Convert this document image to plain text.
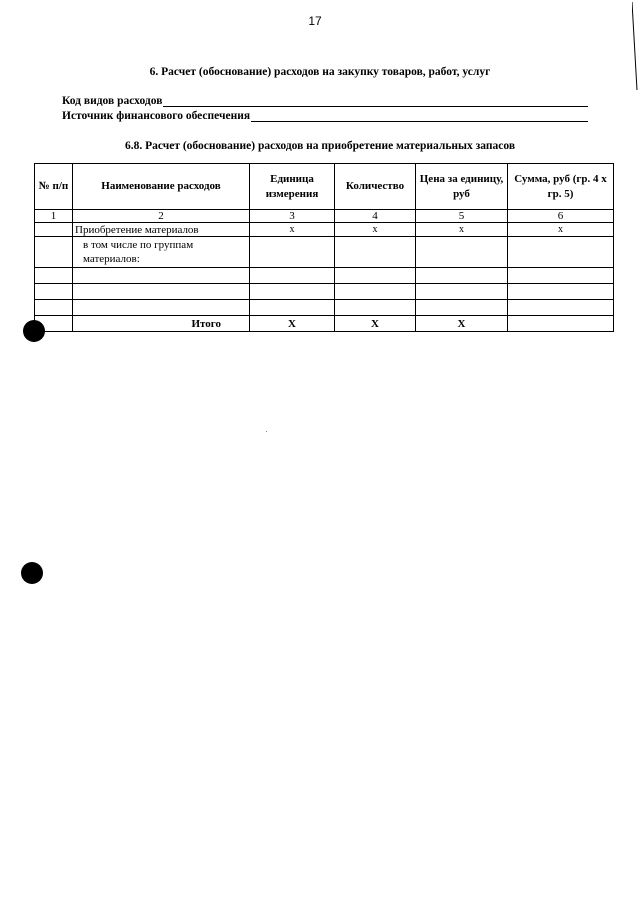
17
6. Расчет (обоснование) расходов на закупку товаров, работ, услуг
Код видов расходов
Источник финансового обеспечения
6.8. Расчет (обоснование) расходов на приобретение материальных запасов
№ п/п	Наименование расходов	Единица измерения	Количество	Цена за единицу, руб	Сумма, руб (гр. 4 х гр. 5)
1	2	3	4	5	6
	Приобретение материалов	x	x	x	x
	в том числе по группам материалов:				

	Итого	X	X	X	
